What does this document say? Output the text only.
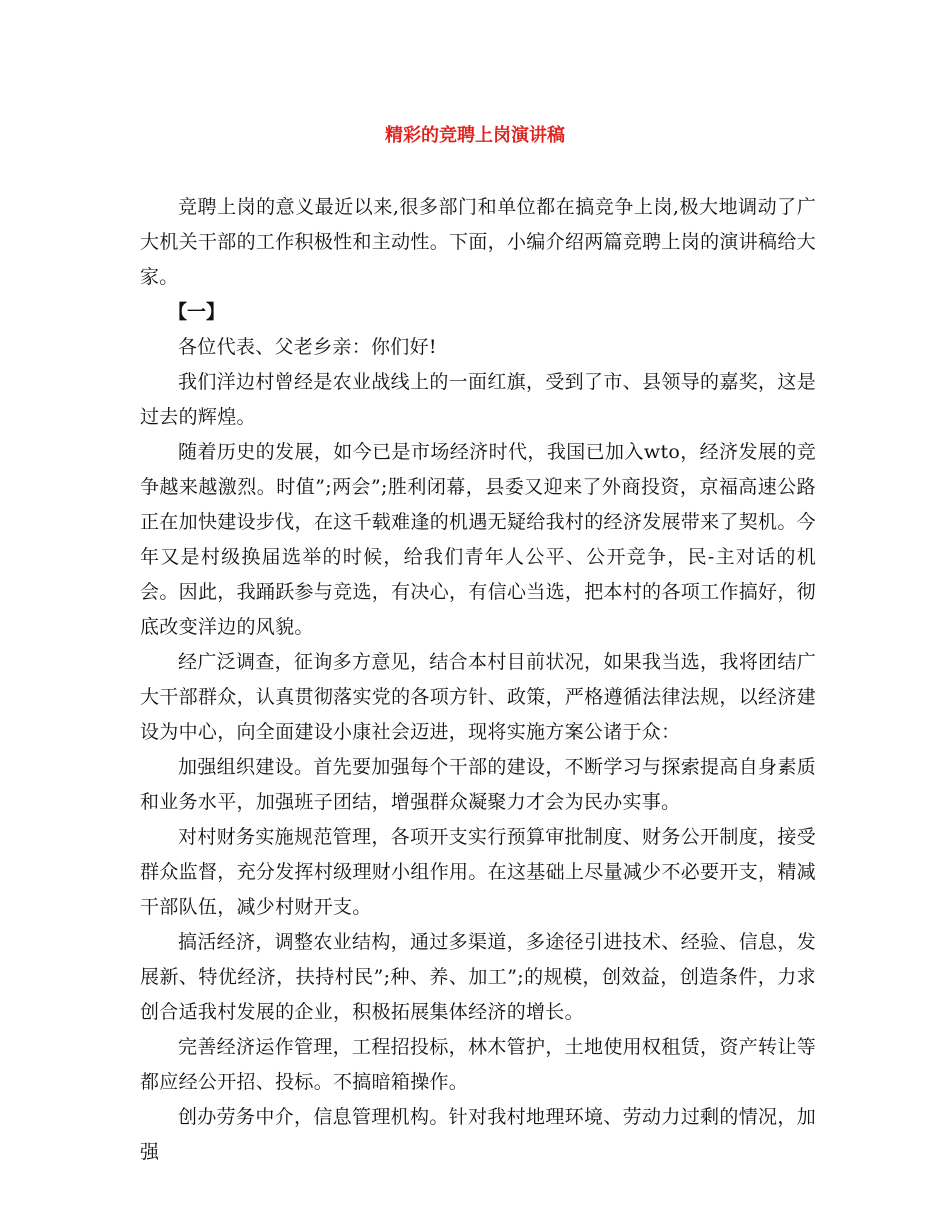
精彩的竞聘上岗演讲稿

竞聘上岗的意义最近以来,很多部门和单位都在搞竞争上岗,极大地调动了广大机关干部的工作积极性和主动性。下面，小编介绍两篇竞聘上岗的演讲稿给大家。

【一】

各位代表、父老乡亲：你们好!

我们洋边村曾经是农业战线上的一面红旗，受到了市、县领导的嘉奖，这是过去的辉煌。

随着历史的发展，如今已是市场经济时代，我国已加入wto，经济发展的竞争越来越激烈。时值”;两会”;胜利闭幕，县委又迎来了外商投资，京福高速公路正在加快建设步伐，在这千载难逢的机遇无疑给我村的经济发展带来了契机。今年又是村级换届选举的时候，给我们青年人公平、公开竞争，民-主对话的机会。因此，我踊跃参与竞选，有决心，有信心当选，把本村的各项工作搞好，彻底改变洋边的风貌。

经广泛调查，征询多方意见，结合本村目前状况，如果我当选，我将团结广大干部群众，认真贯彻落实党的各项方针、政策，严格遵循法律法规，以经济建设为中心，向全面建设小康社会迈进，现将实施方案公诸于众：

加强组织建设。首先要加强每个干部的建设，不断学习与探索提高自身素质和业务水平，加强班子团结，增强群众凝聚力才会为民办实事。

对村财务实施规范管理，各项开支实行预算审批制度、财务公开制度，接受群众监督，充分发挥村级理财小组作用。在这基础上尽量减少不必要开支，精减干部队伍，减少村财开支。

搞活经济，调整农业结构，通过多渠道，多途径引进技术、经验、信息，发展新、特优经济，扶持村民”;种、养、加工”;的规模，创效益，创造条件，力求创合适我村发展的企业，积极拓展集体经济的增长。

完善经济运作管理，工程招投标，林木管护，土地使用权租赁，资产转让等都应经公开招、投标。不搞暗箱操作。

创办劳务中介，信息管理机构。针对我村地理环境、劳动力过剩的情况，加强
